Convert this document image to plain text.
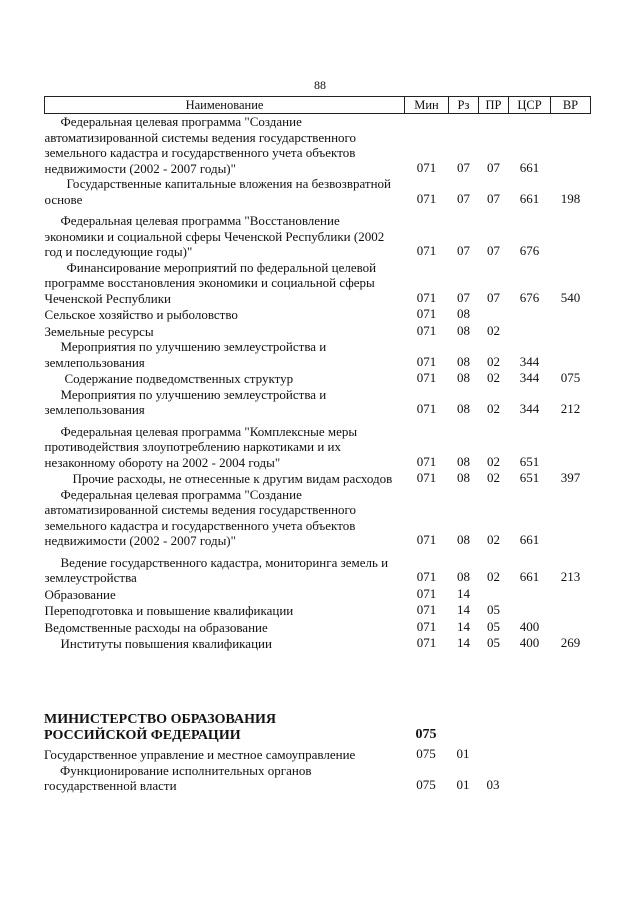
88
Наименование	Мин	Рз	ПР	ЦСР	ВР
Федеральная целевая программа "Создание автоматизированной системы ведения государственного земельного кадастра и государственного учета объектов недвижимости (2002 - 2007 годы)"	071	07	07	661	
Государственные капитальные вложения на безвозвратной основе	071	07	07	661	198
Федеральная целевая программа "Восстановление экономики и социальной сферы Чеченской Республики (2002 год и последующие годы)"	071	07	07	676	
Финансирование мероприятий по федеральной целевой программе восстановления экономики и социальной сферы Чеченской Республики	071	07	07	676	540
Сельское хозяйство и рыболовство	071	08			
Земельные ресурсы	071	08	02		
Мероприятия по улучшению землеустройства и землепользования	071	08	02	344	
Содержание подведомственных структур	071	08	02	344	075
Мероприятия по улучшению землеустройства и землепользования	071	08	02	344	212
Федеральная целевая программа "Комплексные меры противодействия злоупотреблению наркотиками и их незаконному обороту на 2002 - 2004 годы"	071	08	02	651	
Прочие расходы, не отнесенные к другим видам расходов	071	08	02	651	397
Федеральная целевая программа "Создание автоматизированной системы ведения государственного земельного кадастра и государственного учета объектов недвижимости (2002 - 2007 годы)"	071	08	02	661	
Ведение государственного кадастра, мониторинга земель и землеустройства	071	08	02	661	213
Образование	071	14			
Переподготовка и повышение квалификации	071	14	05		
Ведомственные расходы на образование	071	14	05	400	
Институты повышения квалификации	071	14	05	400	269
МИНИСТЕРСТВО ОБРАЗОВАНИЯ РОССИЙСКОЙ ФЕДЕРАЦИИ	075				
Государственное управление и местное самоуправление	075	01			
Функционирование исполнительных органов государственной власти	075	01	03		
